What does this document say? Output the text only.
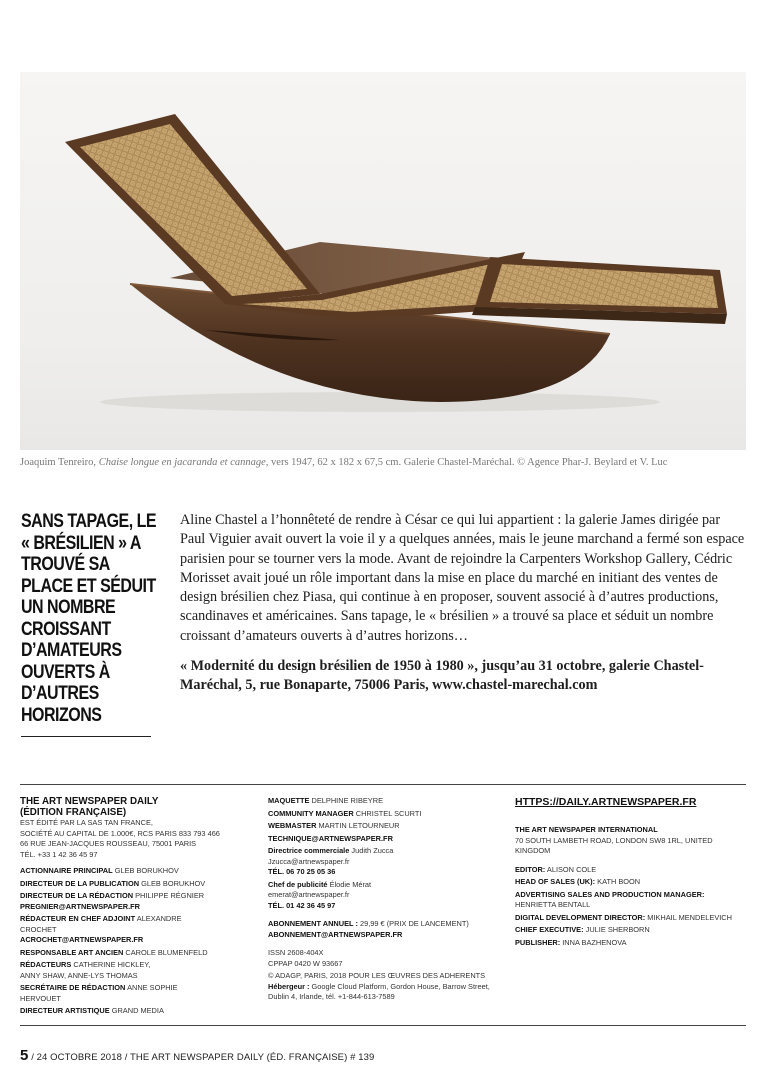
Joaquim Tenreiro, Chaise longue en jacaranda et cannage, vers 1947, 62 x 182 x 67,5 cm. Galerie Chastel-Maréchal. © Agence Phar-J. Beylard et V. Luc
SANS TAPAGE, LE « BRÉSILIEN » A TROUVÉ SA PLACE ET SÉDUIT UN NOMBRE CROISSANT D’AMATEURS OUVERTS À D’AUTRES HORIZONS

Aline Chastel a l’honnêteté de rendre à César ce qui lui appartient : la galerie James dirigée par Paul Viguier avait ouvert la voie il y a quelques années, mais le jeune marchand a fermé son espace parisien pour se tourner vers la mode. Avant de rejoindre la Carpenters Workshop Gallery, Cédric Morisset avait joué un rôle important dans la mise en place du marché en initiant des ventes de design brésilien chez Piasa, qui continue à en proposer, souvent associé à d’autres productions, scandinaves et américaines. Sans tapage, le « brésilien » a trouvé sa place et séduit un nombre croissant d’amateurs ouverts à d’autres horizons…

« Modernité du design brésilien de 1950 à 1980 », jusqu’au 31 octobre, galerie Chastel-Maréchal, 5, rue Bonaparte, 75006 Paris, www.chastel-marechal.com

THE ART NEWSPAPER DAILY
(ÉDITION FRANÇAISE)
EST ÉDITÉ PAR LA SAS TAN FRANCE,
SOCIÉTÉ AU CAPITAL DE 1.000€, RCS PARIS 833 793 466
66 RUE JEAN-JACQUES ROUSSEAU, 75001 PARIS
TÉL. +33 1 42 36 45 97
ACTIONNAIRE PRINCIPAL GLEB BORUKHOV
DIRECTEUR DE LA PUBLICATION GLEB BORUKHOV
DIRECTEUR DE LA RÉDACTION PHILIPPE RÉGNIER
PREGNIER@ARTNEWSPAPER.FR
RÉDACTEUR EN CHEF ADJOINT ALEXANDRE CROCHET
ACROCHET@ARTNEWSPAPER.FR
RESPONSABLE ART ANCIEN CAROLE BLUMENFELD
RÉDACTEURS CATHERINE HICKLEY,
ANNY SHAW, ANNE-LYS THOMAS
SECRÉTAIRE DE RÉDACTION ANNE SOPHIE HERVOUET
DIRECTEUR ARTISTIQUE GRAND MEDIA
MAQUETTE DELPHINE RIBEYRE
COMMUNITY MANAGER CHRISTEL SCURTI
WEBMASTER MARTIN LETOURNEUR
TECHNIQUE@ARTNEWSPAPER.FR
Directrice commerciale Judith Zucca
Jzucca@artnewspaper.fr
TÉL. 06 70 25 05 36
Chef de publicité Élodie Mérat
emerat@artnewspaper.fr
TÉL. 01 42 36 45 97
ABONNEMENT ANNUEL : 29,99 € (PRIX DE LANCEMENT)
ABONNEMENT@ARTNEWSPAPER.FR
ISSN 2608-404X
CPPAP 0420 W 93667
© ADAGP, PARIS, 2018 POUR LES ŒUVRES DES ADHERENTS
Hébergeur : Google Cloud Platform, Gordon House, Barrow Street,
Dublin 4, Irlande, tél. +1-844-613-7589
HTTPS://DAILY.ARTNEWSPAPER.FR
THE ART NEWSPAPER INTERNATIONAL
70 SOUTH LAMBETH ROAD, LONDON SW8 1RL, UNITED KINGDOM
EDITOR: ALISON COLE
HEAD OF SALES (UK): KATH BOON
ADVERTISING SALES AND PRODUCTION MANAGER: HENRIETTA BENTALL
DIGITAL DEVELOPMENT DIRECTOR: MIKHAIL MENDELEVICH
CHIEF EXECUTIVE: JULIE SHERBORN
PUBLISHER: INNA BAZHENOVA
5 / 24 OCTOBRE 2018 / THE ART NEWSPAPER DAILY (ÉD. FRANÇAISE) # 139
